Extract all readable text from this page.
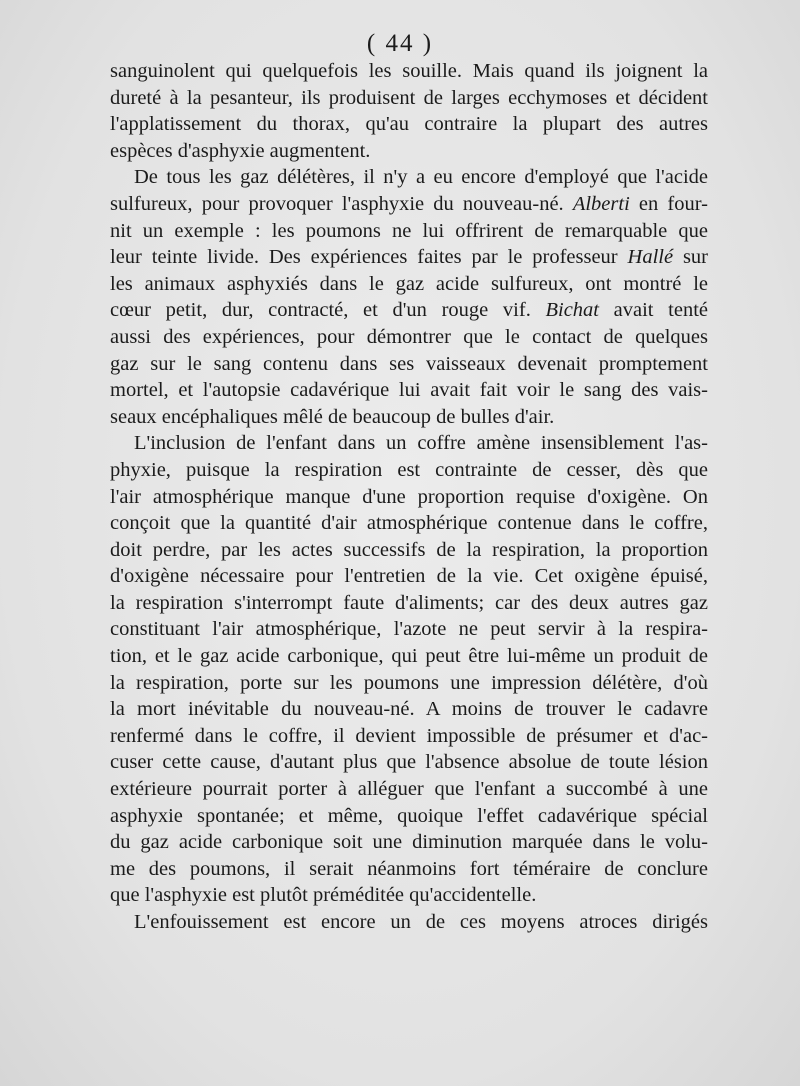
( 44 )
sanguinolent qui quelquefois les souille. Mais quand ils joignent la
dureté à la pesanteur, ils produisent de larges ecchymoses et décident
l'applatissement du thorax, qu'au contraire la plupart des autres
espèces d'asphyxie augmentent.
De tous les gaz délétères, il n'y a eu encore d'employé que l'acide
sulfureux, pour provoquer l'asphyxie du nouveau-né. Alberti en four-
nit un exemple : les poumons ne lui offrirent de remarquable que
leur teinte livide. Des expériences faites par le professeur Hallé sur
les animaux asphyxiés dans le gaz acide sulfureux, ont montré le
cœur petit, dur, contracté, et d'un rouge vif. Bichat avait tenté
aussi des expériences, pour démontrer que le contact de quelques
gaz sur le sang contenu dans ses vaisseaux devenait promptement
mortel, et l'autopsie cadavérique lui avait fait voir le sang des vais-
seaux encéphaliques mêlé de beaucoup de bulles d'air.
L'inclusion de l'enfant dans un coffre amène insensiblement l'as-
phyxie, puisque la respiration est contrainte de cesser, dès que
l'air atmosphérique manque d'une proportion requise d'oxigène. On
conçoit que la quantité d'air atmosphérique contenue dans le coffre,
doit perdre, par les actes successifs de la respiration, la proportion
d'oxigène nécessaire pour l'entretien de la vie. Cet oxigène épuisé,
la respiration s'interrompt faute d'aliments; car des deux autres gaz
constituant l'air atmosphérique, l'azote ne peut servir à la respira-
tion, et le gaz acide carbonique, qui peut être lui-même un produit de
la respiration, porte sur les poumons une impression délétère, d'où
la mort inévitable du nouveau-né. A moins de trouver le cadavre
renfermé dans le coffre, il devient impossible de présumer et d'ac-
cuser cette cause, d'autant plus que l'absence absolue de toute lésion
extérieure pourrait porter à alléguer que l'enfant a succombé à une
asphyxie spontanée; et même, quoique l'effet cadavérique spécial
du gaz acide carbonique soit une diminution marquée dans le volu-
me des poumons, il serait néanmoins fort téméraire de conclure
que l'asphyxie est plutôt préméditée qu'accidentelle.
L'enfouissement est encore un de ces moyens atroces dirigés
